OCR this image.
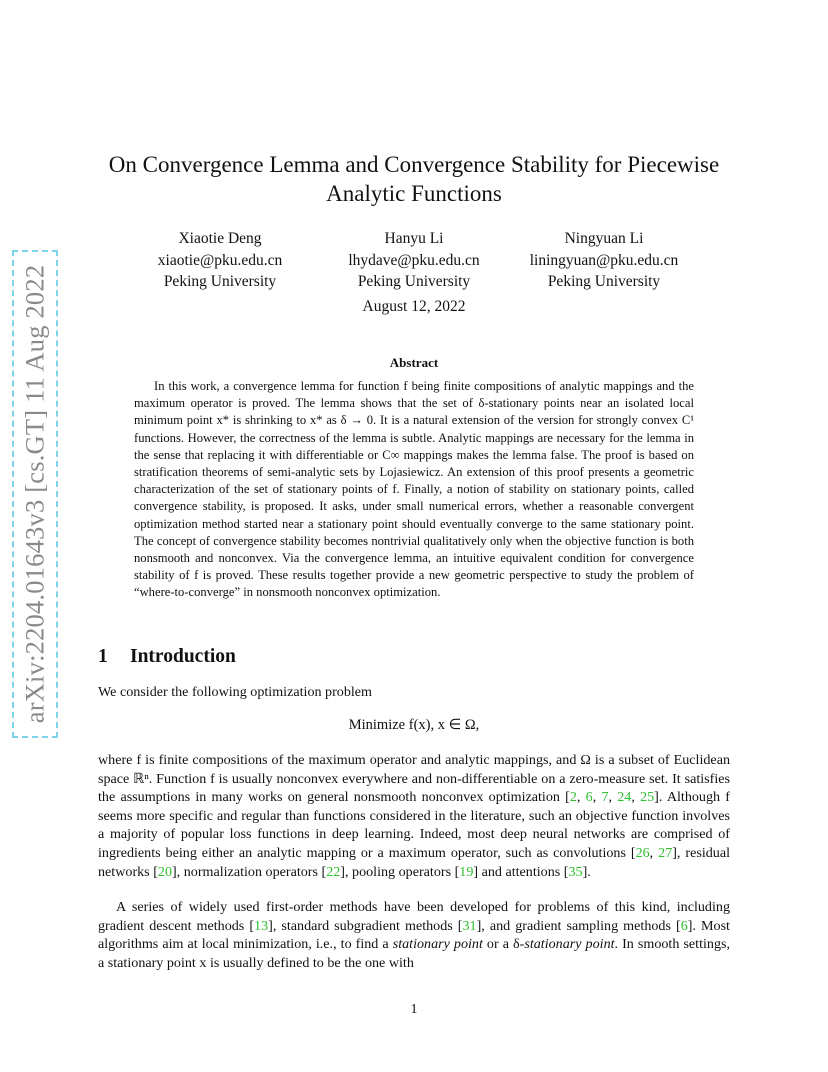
arXiv:2204.01643v3 [cs.GT] 11 Aug 2022
On Convergence Lemma and Convergence Stability for Piecewise Analytic Functions
Xiaotie Deng
xiaotie@pku.edu.cn
Peking University
Hanyu Li
lhydave@pku.edu.cn
Peking University
Ningyuan Li
liningyuan@pku.edu.cn
Peking University
August 12, 2022
Abstract

In this work, a convergence lemma for function f being finite compositions of analytic mappings and the maximum operator is proved. The lemma shows that the set of δ-stationary points near an isolated local minimum point x* is shrinking to x* as δ → 0. It is a natural extension of the version for strongly convex C¹ functions. However, the correctness of the lemma is subtle. Analytic mappings are necessary for the lemma in the sense that replacing it with differentiable or C∞ mappings makes the lemma false. The proof is based on stratification theorems of semi-analytic sets by Lojasiewicz. An extension of this proof presents a geometric characterization of the set of stationary points of f. Finally, a notion of stability on stationary points, called convergence stability, is proposed. It asks, under small numerical errors, whether a reasonable convergent optimization method started near a stationary point should eventually converge to the same stationary point. The concept of convergence stability becomes nontrivial qualitatively only when the objective function is both nonsmooth and nonconvex. Via the convergence lemma, an intuitive equivalent condition for convergence stability of f is proved. These results together provide a new geometric perspective to study the problem of “where-to-converge” in nonsmooth nonconvex optimization.

1 Introduction

We consider the following optimization problem

Minimize f(x), x ∈ Ω,

where f is finite compositions of the maximum operator and analytic mappings, and Ω is a subset of Euclidean space ℝⁿ. Function f is usually nonconvex everywhere and non-differentiable on a zero-measure set. It satisfies the assumptions in many works on general nonsmooth nonconvex optimization [2, 6, 7, 24, 25]. Although f seems more specific and regular than functions considered in the literature, such an objective function involves a majority of popular loss functions in deep learning. Indeed, most deep neural networks are comprised of ingredients being either an analytic mapping or a maximum operator, such as convolutions [26, 27], residual networks [20], normalization operators [22], pooling operators [19] and attentions [35].

A series of widely used first-order methods have been developed for problems of this kind, including gradient descent methods [13], standard subgradient methods [31], and gradient sampling methods [6]. Most algorithms aim at local minimization, i.e., to find a stationary point or a δ-stationary point. In smooth settings, a stationary point x is usually defined to be the one with

1
